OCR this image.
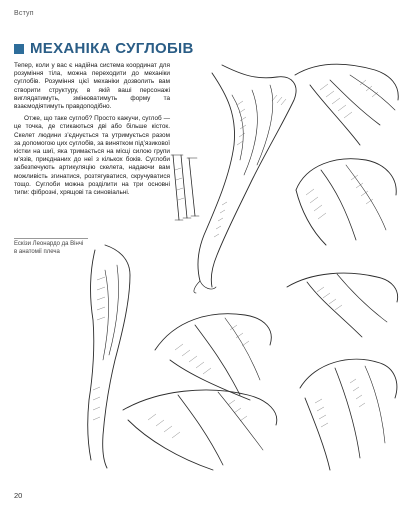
Вступ
МЕХАНІКА СУГЛОБІВ

Тепер, коли у вас є надійна система координат для розуміння тіла, можна переходити до механіки суглобів. Розуміння цієї механіки дозволить вам створити структуру, в якій ваші персонажі виглядатимуть, змінюватимуть форму та взаємодіятимуть правдоподібно.

Отже, що таке суглоб? Просто кажучи, суглоб — це точка, де стикаються дві або більше кісток. Скелет людини з’єднується та утримується разом за допомогою цих суглобів, за винятком під’язикової кістки на шиї, яка тримається на місці силою групи м’язів, приєднаних до неї з кількох боків. Суглоби забезпечують артикуляцію скелета, надаючи вам можливість згинатися, розтягуватися, скручуватися тощо. Суглоби можна розділити на три основні типи: фіброзні, хрящові та синовіальні.

Ескізи Леонардо да Вінчі в анатомії плеча
20
